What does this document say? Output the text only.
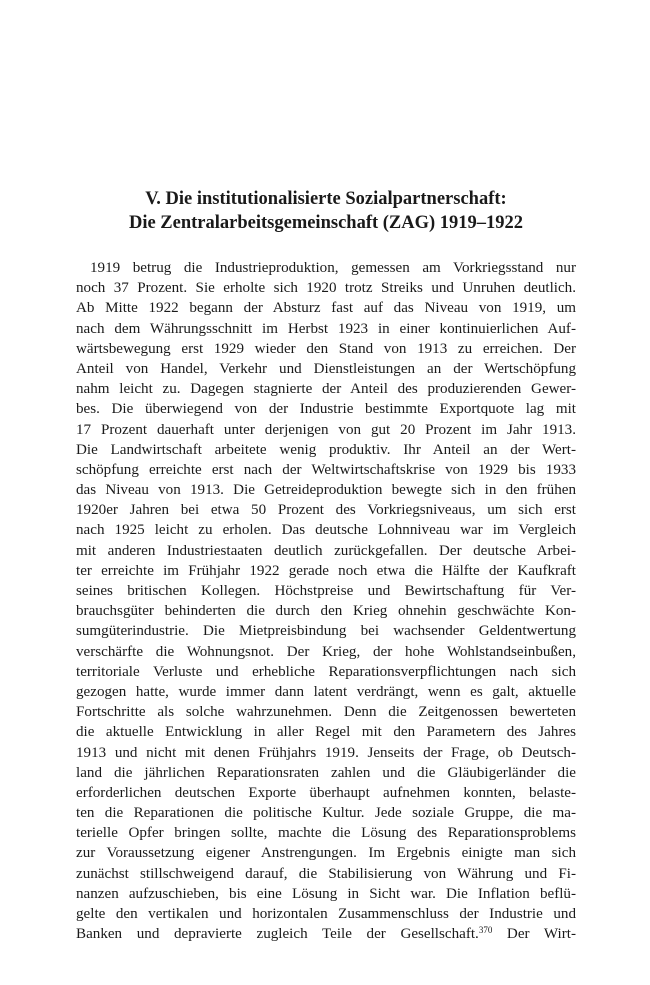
V. Die institutionalisierte Sozialpartnerschaft:
Die Zentralarbeitsgemeinschaft (ZAG) 1919–1922
1919 betrug die Industrieproduktion, gemessen am Vorkriegsstand nur
noch 37 Prozent. Sie erholte sich 1920 trotz Streiks und Unruhen deutlich.
Ab Mitte 1922 begann der Absturz fast auf das Niveau von 1919, um
nach dem Währungsschnitt im Herbst 1923 in einer kontinuierlichen Auf-
wärtsbewegung erst 1929 wieder den Stand von 1913 zu erreichen. Der
Anteil von Handel, Verkehr und Dienstleistungen an der Wertschöpfung
nahm leicht zu. Dagegen stagnierte der Anteil des produzierenden Gewer-
bes. Die überwiegend von der Industrie bestimmte Exportquote lag mit
17 Prozent dauerhaft unter derjenigen von gut 20 Prozent im Jahr 1913.
Die Landwirtschaft arbeitete wenig produktiv. Ihr Anteil an der Wert-
schöpfung erreichte erst nach der Weltwirtschaftskrise von 1929 bis 1933
das Niveau von 1913. Die Getreideproduktion bewegte sich in den frühen
1920er Jahren bei etwa 50 Prozent des Vorkriegsniveaus, um sich erst
nach 1925 leicht zu erholen. Das deutsche Lohnniveau war im Vergleich
mit anderen Industriestaaten deutlich zurückgefallen. Der deutsche Arbei-
ter erreichte im Frühjahr 1922 gerade noch etwa die Hälfte der Kaufkraft
seines britischen Kollegen. Höchstpreise und Bewirtschaftung für Ver-
brauchsgüter behinderten die durch den Krieg ohnehin geschwächte Kon-
sumgüterindustrie. Die Mietpreisbindung bei wachsender Geldentwertung
verschärfte die Wohnungsnot. Der Krieg, der hohe Wohlstandseinbußen,
territoriale Verluste und erhebliche Reparationsverpflichtungen nach sich
gezogen hatte, wurde immer dann latent verdrängt, wenn es galt, aktuelle
Fortschritte als solche wahrzunehmen. Denn die Zeitgenossen bewerteten
die aktuelle Entwicklung in aller Regel mit den Parametern des Jahres
1913 und nicht mit denen Frühjahrs 1919. Jenseits der Frage, ob Deutsch-
land die jährlichen Reparationsraten zahlen und die Gläubigerländer die
erforderlichen deutschen Exporte überhaupt aufnehmen konnten, belaste-
ten die Reparationen die politische Kultur. Jede soziale Gruppe, die ma-
terielle Opfer bringen sollte, machte die Lösung des Reparationsproblems
zur Voraussetzung eigener Anstrengungen. Im Ergebnis einigte man sich
zunächst stillschweigend darauf, die Stabilisierung von Währung und Fi-
nanzen aufzuschieben, bis eine Lösung in Sicht war. Die Inflation beflü-
gelte den vertikalen und horizontalen Zusammenschluss der Industrie und
Banken und depravierte zugleich Teile der Gesellschaft.$^{370}$ Der Wirt-
